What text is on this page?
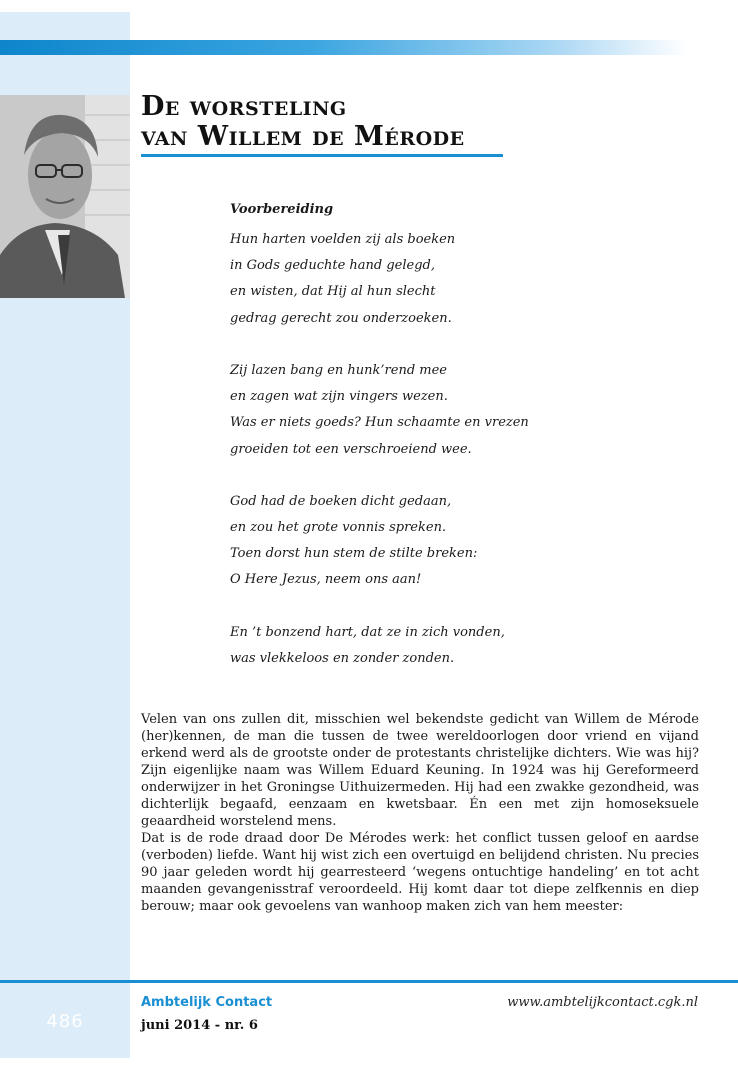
De worsteling
van Willem de Mérode
Voorbereiding
Hun harten voelden zij als boeken
in Gods geduchte hand gelegd,
en wisten, dat Hij al hun slecht
gedrag gerecht zou onderzoeken.
Zij lazen bang en hunk’rend mee
en zagen wat zijn vingers wezen.
Was er niets goeds? Hun schaamte en vrezen
groeiden tot een verschroeiend wee.
God had de boeken dicht gedaan,
en zou het grote vonnis spreken.
Toen dorst hun stem de stilte breken:
O Here Jezus, neem ons aan!
En ’t bonzend hart, dat ze in zich vonden,
was vlekkeloos en zonder zonden.

Velen van ons zullen dit, misschien wel bekendste gedicht van Willem de Mérode (her)kennen, de man die tussen de twee wereldoorlogen door vriend en vijand erkend werd als de grootste onder de protestants christelijke dichters. Wie was hij? Zijn eigenlijke naam was Willem Eduard Keuning. In 1924 was hij Gereformeerd onderwijzer in het Groningse Uithuizermeden. Hij had een zwakke gezondheid, was dichterlijk begaafd, eenzaam en kwetsbaar. Én een met zijn homoseksuele geaardheid worstelend mens.

Dat is de rode draad door De Mérodes werk: het conflict tussen geloof en aardse (verboden) liefde. Want hij wist zich een overtuigd en belijdend christen. Nu precies 90 jaar geleden wordt hij gearresteerd ‘wegens ontuchtige handeling’ en tot acht maanden gevangenisstraf veroordeeld. Hij komt daar tot diepe zelfkennis en diep berouw; maar ook gevoelens van wanhoop maken zich van hem meester:

486
Ambtelijk Contact
juni 2014 - nr. 6
www.ambtelijkcontact.cgk.nl
